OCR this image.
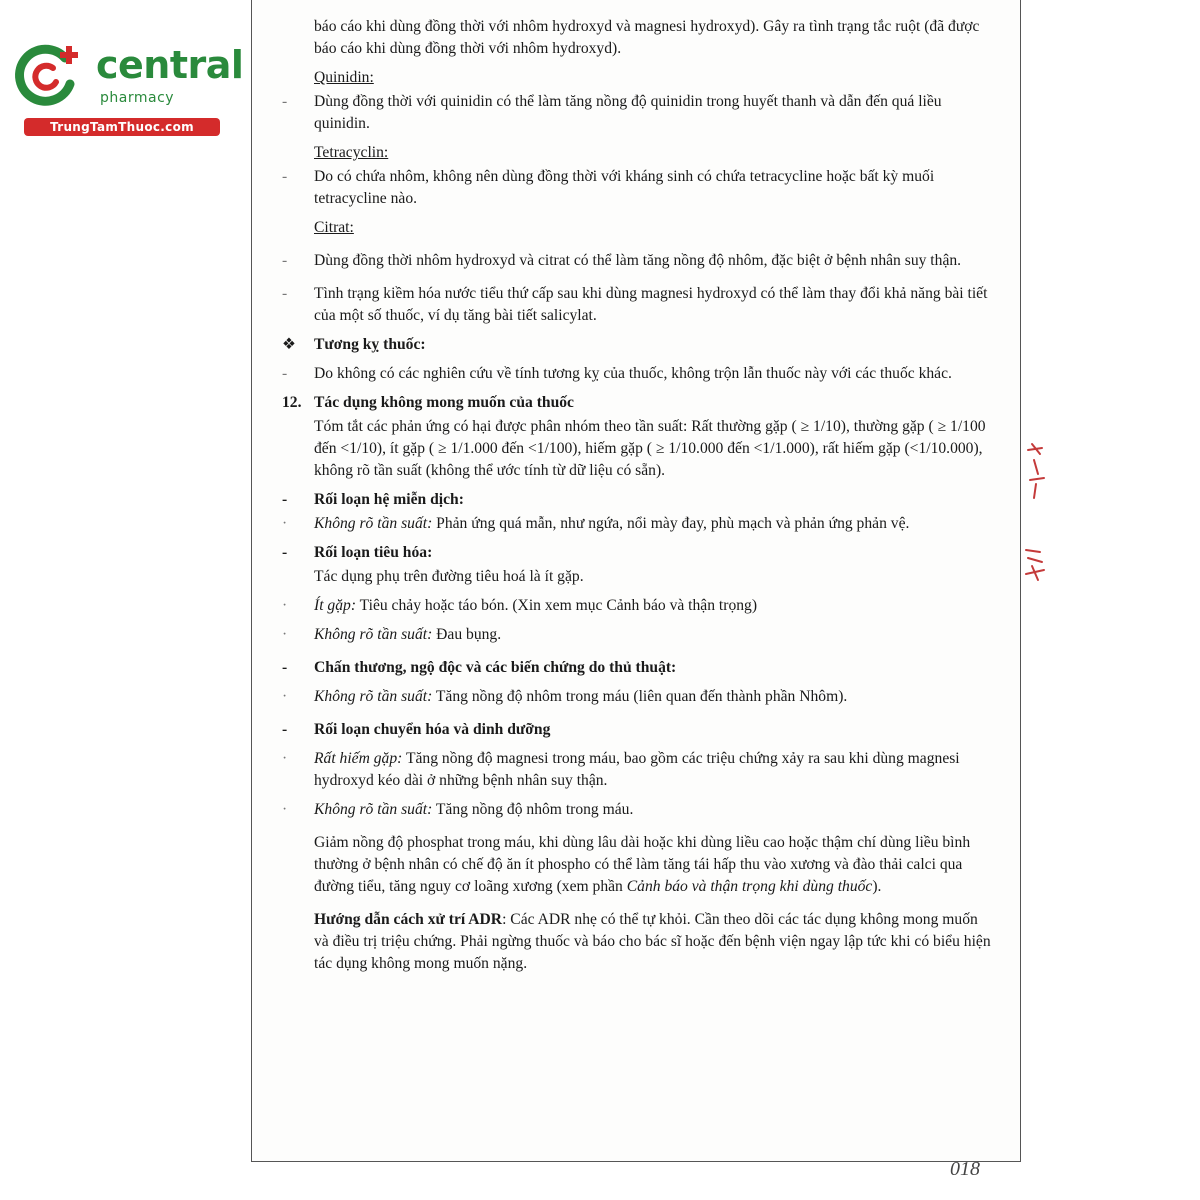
central
pharmacy
TrungTamThuoc.com

báo cáo khi dùng đồng thời với nhôm hydroxyd và magnesi hydroxyd). Gây ra tình trạng tắc ruột (đã được báo cáo khi dùng đồng thời với nhôm hydroxyd).

Quinidin:

-	Dùng đồng thời với quinidin có thể làm tăng nồng độ quinidin trong huyết thanh và dẫn đến quá liều quinidin.

Tetracyclin:

-	Do có chứa nhôm, không nên dùng đồng thời với kháng sinh có chứa tetracycline hoặc bất kỳ muối tetracycline nào.

Citrat:

-	Dùng đồng thời nhôm hydroxyd và citrat có thể làm tăng nồng độ nhôm, đặc biệt ở bệnh nhân suy thận.

-	Tình trạng kiềm hóa nước tiểu thứ cấp sau khi dùng magnesi hydroxyd có thể làm thay đổi khả năng bài tiết của một số thuốc, ví dụ tăng bài tiết salicylat.

❖	Tương kỵ thuốc:

-	Do không có các nghiên cứu về tính tương kỵ của thuốc, không trộn lẫn thuốc này với các thuốc khác.

12. Tác dụng không mong muốn của thuốc

Tóm tắt các phản ứng có hại được phân nhóm theo tần suất: Rất thường gặp ( ≥ 1/10), thường gặp ( ≥ 1/100 đến <1/10), ít gặp ( ≥ 1/1.000 đến <1/100), hiếm gặp ( ≥ 1/10.000 đến <1/1.000), rất hiếm gặp (<1/10.000), không rõ tần suất (không thể ước tính từ dữ liệu có sẵn).

-	Rối loạn hệ miễn dịch:

·	Không rõ tần suất: Phản ứng quá mẫn, như ngứa, nổi mày đay, phù mạch và phản ứng phản vệ.

-	Rối loạn tiêu hóa:

Tác dụng phụ trên đường tiêu hoá là ít gặp.

·	Ít gặp: Tiêu chảy hoặc táo bón. (Xin xem mục Cảnh báo và thận trọng)

·	Không rõ tần suất: Đau bụng.

-	Chấn thương, ngộ độc và các biến chứng do thủ thuật:

·	Không rõ tần suất: Tăng nồng độ nhôm trong máu (liên quan đến thành phần Nhôm).

-	Rối loạn chuyển hóa và dinh dưỡng

·	Rất hiếm gặp: Tăng nồng độ magnesi trong máu, bao gồm các triệu chứng xảy ra sau khi dùng magnesi hydroxyd kéo dài ở những bệnh nhân suy thận.

·	Không rõ tần suất: Tăng nồng độ nhôm trong máu.

Giảm nồng độ phosphat trong máu, khi dùng lâu dài hoặc khi dùng liều cao hoặc thậm chí dùng liều bình thường ở bệnh nhân có chế độ ăn ít phospho có thể làm tăng tái hấp thu vào xương và đào thải calci qua đường tiểu, tăng nguy cơ loãng xương (xem phần Cảnh báo và thận trọng khi dùng thuốc).

Hướng dẫn cách xử trí ADR: Các ADR nhẹ có thể tự khỏi. Cần theo dõi các tác dụng không mong muốn và điều trị triệu chứng. Phải ngừng thuốc và báo cho bác sĩ hoặc đến bệnh viện ngay lập tức khi có biểu hiện tác dụng không mong muốn nặng.

018
